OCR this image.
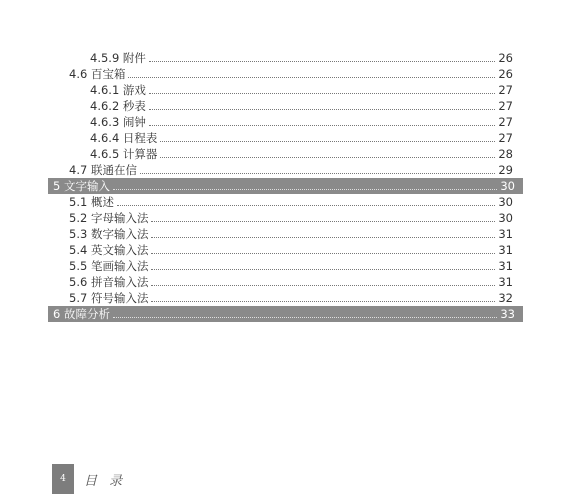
4.5.9 附件	26
4.6 百宝箱	26
4.6.1 游戏	27
4.6.2 秒表	27
4.6.3 闹钟	27
4.6.4 日程表	27
4.6.5 计算器	28
4.7 联通在信	29
5 文字输入	30
5.1 概述	30
5.2 字母输入法	30
5.3 数字输入法	31
5.4 英文输入法	31
5.5 笔画输入法	31
5.6 拼音输入法	31
5.7 符号输入法	32
6 故障分析	33
4 目 录
